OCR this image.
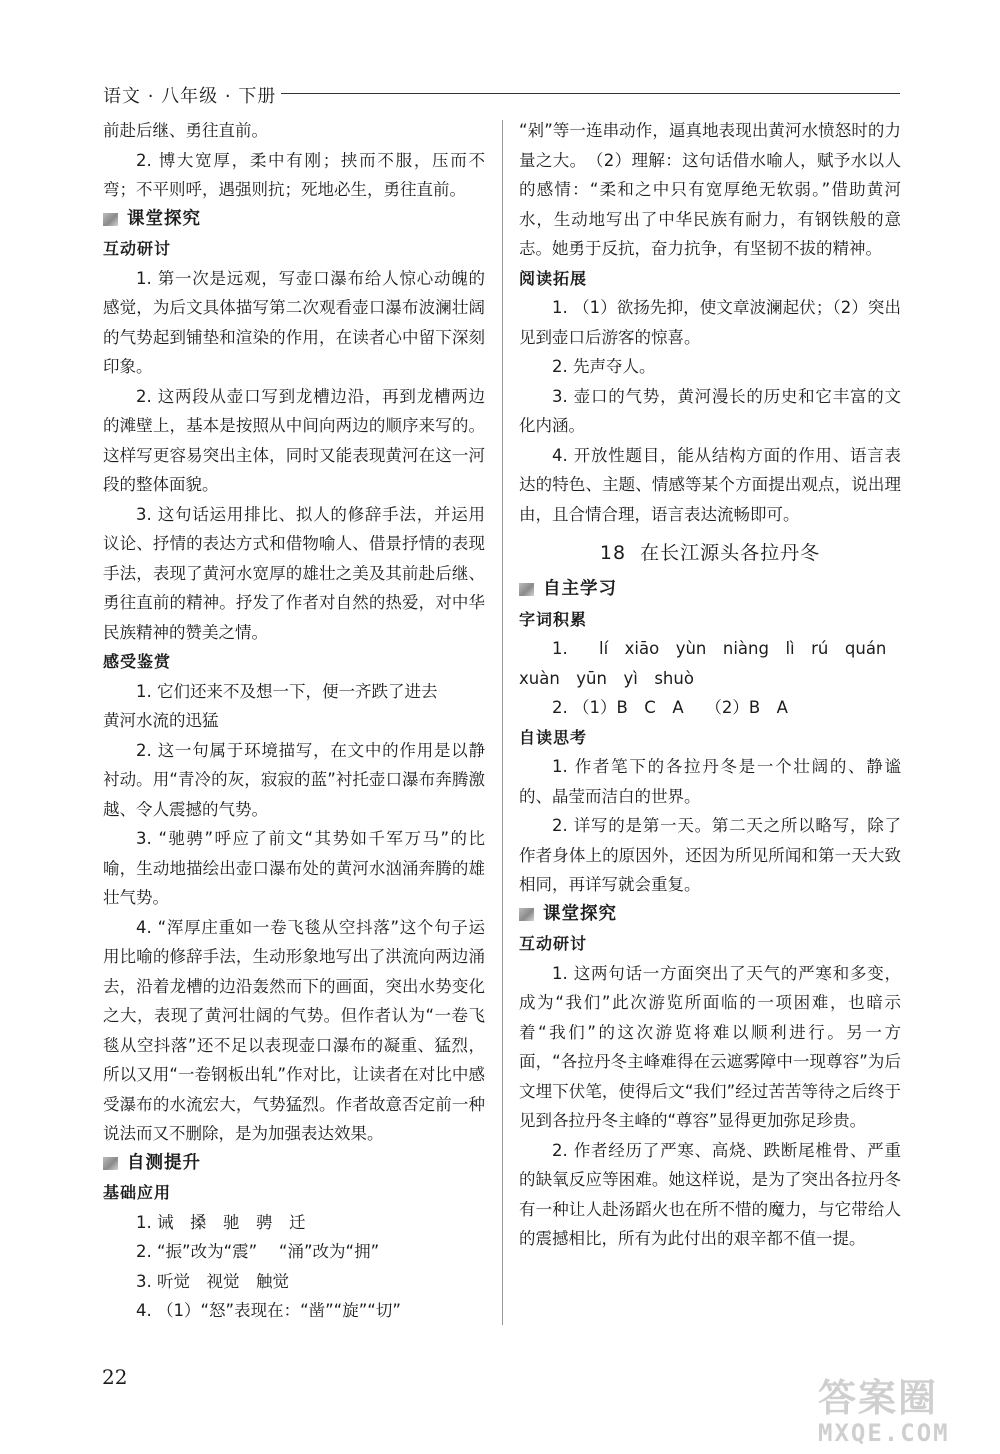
语文 · 八年级 · 下册

前赴后继、勇往直前。

2. 博大宽厚，柔中有刚；挟而不服，压而不弯；不平则呼，遇强则抗；死地必生，勇往直前。

课堂探究

互动研讨

1. 第一次是远观，写壶口瀑布给人惊心动魄的感觉，为后文具体描写第二次观看壶口瀑布波澜壮阔的气势起到铺垫和渲染的作用，在读者心中留下深刻印象。

2. 这两段从壶口写到龙槽边沿，再到龙槽两边的滩壁上，基本是按照从中间向两边的顺序来写的。这样写更容易突出主体，同时又能表现黄河在这一河段的整体面貌。

3. 这句话运用排比、拟人的修辞手法，并运用议论、抒情的表达方式和借物喻人、借景抒情的表现手法，表现了黄河水宽厚的雄壮之美及其前赴后继、勇往直前的精神。抒发了作者对自然的热爱，对中华民族精神的赞美之情。

感受鉴赏

1. 它们还来不及想一下，便一齐跌了进去

黄河水流的迅猛

2. 这一句属于环境描写，在文中的作用是以静衬动。用“青冷的灰，寂寂的蓝”衬托壶口瀑布奔腾激越、令人震撼的气势。

3. “驰骋”呼应了前文“其势如千军万马”的比喻，生动地描绘出壶口瀑布处的黄河水汹涌奔腾的雄壮气势。

4. “浑厚庄重如一卷飞毯从空抖落”这个句子运用比喻的修辞手法，生动形象地写出了洪流向两边涌去，沿着龙槽的边沿轰然而下的画面，突出水势变化之大，表现了黄河壮阔的气势。但作者认为“一卷飞毯从空抖落”还不足以表现壶口瀑布的凝重、猛烈，所以又用“一卷钢板出轧”作对比，让读者在对比中感受瀑布的水流宏大，气势猛烈。作者故意否定前一种说法而又不删除，是为加强表达效果。

自测提升

基础应用

1. 诫　搡　驰　骋　迁

2. “振”改为“震”　 “涌”改为“拥”

3. 听觉　视觉　触觉

4. （1）“怒”表现在：“凿”“旋”“切”

“剁”等一连串动作，逼真地表现出黄河水愤怒时的力量之大。　（2）理解：这句话借水喻人，赋予水以人的感情：“柔和之中只有宽厚绝无软弱。”借助黄河水，生动地写出了中华民族有耐力，有钢铁般的意志。她勇于反抗，奋力抗争，有坚韧不拔的精神。

阅读拓展

1. （1）欲扬先抑，使文章波澜起伏；（2）突出见到壶口后游客的惊喜。

2. 先声夺人。

3. 壶口的气势，黄河漫长的历史和它丰富的文化内涵。

4. 开放性题目，能从结构方面的作用、语言表达的特色、主题、情感等某个方面提出观点，说出理由，且合情合理，语言表达流畅即可。

18 在长江源头各拉丹冬
自主学习

字词积累

1. lí　xiāo　yùn　niàng　lì　rú　quán

xuàn　yūn　yì　shuò

2. （1）B　C　A　 （2）B　A

自读思考

1. 作者笔下的各拉丹冬是一个壮阔的、静谧的、晶莹而洁白的世界。

2. 详写的是第一天。第二天之所以略写，除了作者身体上的原因外，还因为所见所闻和第一天大致相同，再详写就会重复。

课堂探究

互动研讨

1. 这两句话一方面突出了天气的严寒和多变，成为“我们”此次游览所面临的一项困难，也暗示着“我们”的这次游览将难以顺利进行。另一方面，“各拉丹冬主峰难得在云遮雾障中一现尊容”为后文埋下伏笔，使得后文“我们”经过苦苦等待之后终于见到各拉丹冬主峰的“尊容”显得更加弥足珍贵。

2. 作者经历了严寒、高烧、跌断尾椎骨、严重的缺氧反应等困难。她这样说，是为了突出各拉丹冬有一种让人赴汤蹈火也在所不惜的魔力，与它带给人的震撼相比，所有为此付出的艰辛都不值一提。

22	答案圈
MXQE.COM
